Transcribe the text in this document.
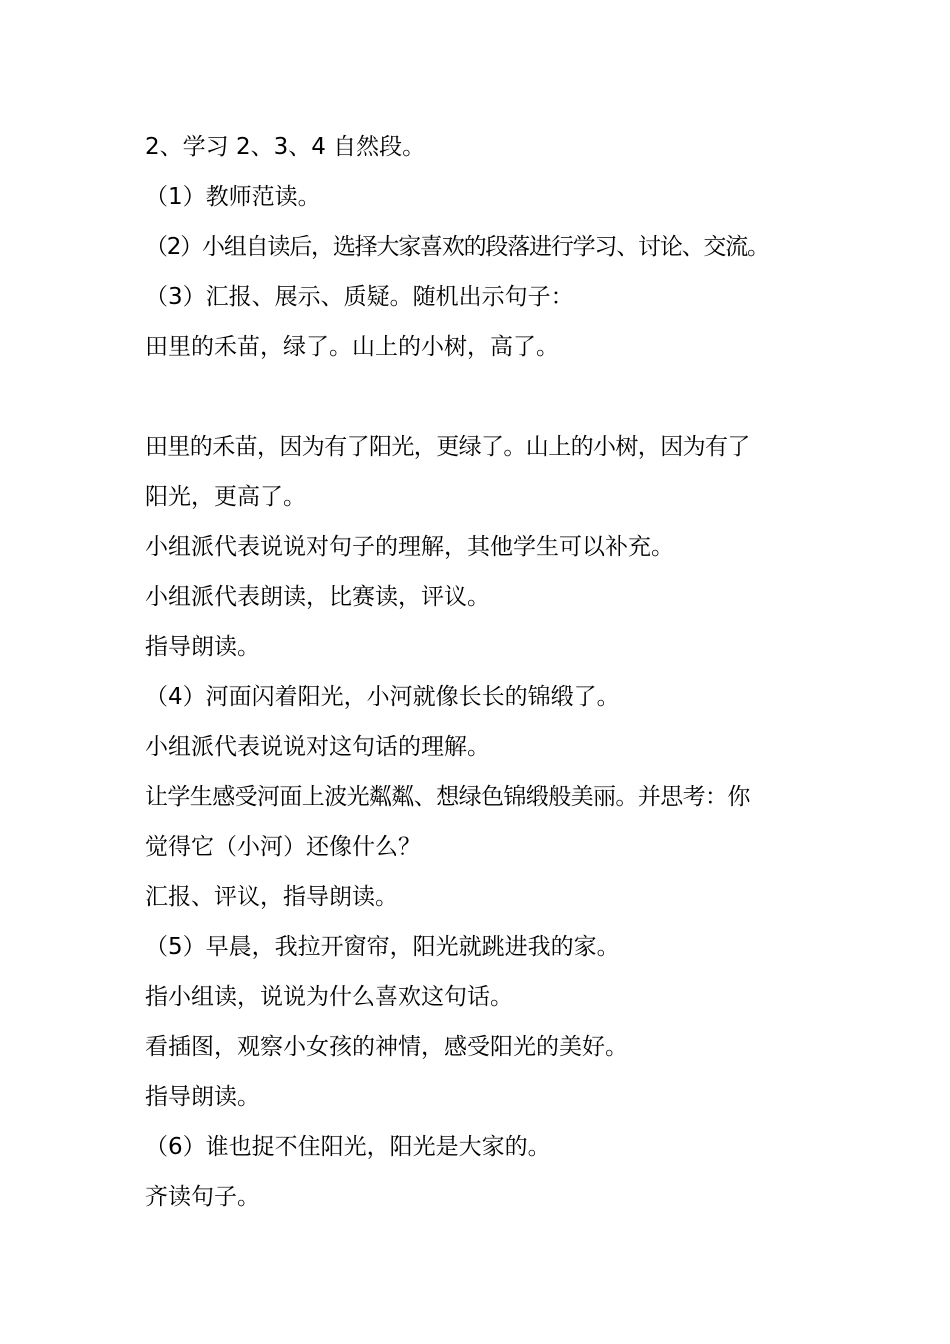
2、学习 2、3、4 自然段。
（1）教师范读。
（2）小组自读后，选择大家喜欢的段落进行学习、讨论、交流。
（3）汇报、展示、质疑。随机出示句子：
田里的禾苗，绿了。山上的小树，高了。
田里的禾苗，因为有了阳光，更绿了。山上的小树，因为有了
阳光，更高了。
小组派代表说说对句子的理解，其他学生可以补充。
小组派代表朗读，比赛读，评议。
指导朗读。
（4）河面闪着阳光，小河就像长长的锦缎了。
小组派代表说说对这句话的理解。
让学生感受河面上波光粼粼、想绿色锦缎般美丽。并思考：你
觉得它（小河）还像什么？
汇报、评议，指导朗读。
（5）早晨，我拉开窗帘，阳光就跳进我的家。
指小组读，说说为什么喜欢这句话。
看插图，观察小女孩的神情，感受阳光的美好。
指导朗读。
（6）谁也捉不住阳光，阳光是大家的。
齐读句子。
